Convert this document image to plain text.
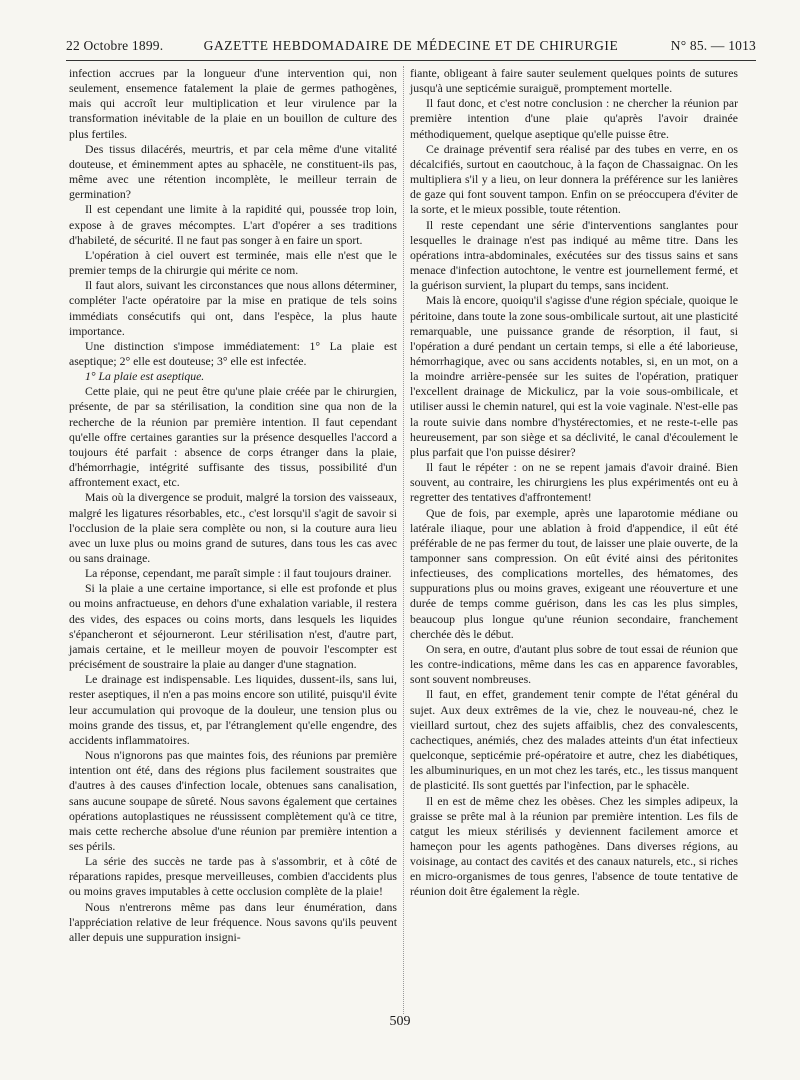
22 Octobre 1899.	GAZETTE HEBDOMADAIRE DE MÉDECINE ET DE CHIRURGIE	N° 85. — 1013

infection accrues par la longueur d'une intervention qui, non seulement, ensemence fatalement la plaie de germes pathogènes, mais qui accroît leur multiplication et leur virulence par la transformation inévitable de la plaie en un bouillon de culture des plus fertiles.

Des tissus dilacérés, meurtris, et par cela même d'une vitalité douteuse, et éminemment aptes au sphacèle, ne constituent-ils pas, même avec une rétention incomplète, le meilleur terrain de germination?

Il est cependant une limite à la rapidité qui, poussée trop loin, expose à de graves mécomptes. L'art d'opérer a ses traditions d'habileté, de sécurité. Il ne faut pas songer à en faire un sport.

L'opération à ciel ouvert est terminée, mais elle n'est que le premier temps de la chirurgie qui mérite ce nom.

Il faut alors, suivant les circonstances que nous allons déterminer, compléter l'acte opératoire par la mise en pratique de tels soins immédiats consécutifs qui ont, dans l'espèce, la plus haute importance.

Une distinction s'impose immédiatement: 1° La plaie est aseptique; 2° elle est douteuse; 3° elle est infectée.

1° La plaie est aseptique.

Cette plaie, qui ne peut être qu'une plaie créée par le chirurgien, présente, de par sa stérilisation, la condition sine qua non de la recherche de la réunion par première intention. Il faut cependant qu'elle offre certaines garanties sur la présence desquelles l'accord a toujours été parfait : absence de corps étranger dans la plaie, d'hémorrhagie, intégrité suffisante des tissus, possibilité d'un affrontement exact, etc.

Mais où la divergence se produit, malgré la torsion des vaisseaux, malgré les ligatures résorbables, etc., c'est lorsqu'il s'agit de savoir si l'occlusion de la plaie sera complète ou non, si la couture aura lieu avec un luxe plus ou moins grand de sutures, dans tous les cas avec ou sans drainage.

La réponse, cependant, me paraît simple : il faut toujours drainer.

Si la plaie a une certaine importance, si elle est profonde et plus ou moins anfractueuse, en dehors d'une exhalation variable, il restera des vides, des espaces ou coins morts, dans lesquels les liquides s'épancheront et séjourneront. Leur stérilisation n'est, d'autre part, jamais certaine, et le meilleur moyen de pouvoir l'escompter est précisément de soustraire la plaie au danger d'une stagnation.

Le drainage est indispensable. Les liquides, dussent-ils, sans lui, rester aseptiques, il n'en a pas moins encore son utilité, puisqu'il évite leur accumulation qui provoque de la douleur, une tension plus ou moins grande des tissus, et, par l'étranglement qu'elle engendre, des accidents inflammatoires.

Nous n'ignorons pas que maintes fois, des réunions par première intention ont été, dans des régions plus facilement soustraites que d'autres à des causes d'infection locale, obtenues sans canalisation, sans aucune soupape de sûreté. Nous savons également que certaines opérations autoplastiques ne réussissent complètement qu'à ce titre, mais cette recherche absolue d'une réunion par première intention a ses périls.

La série des succès ne tarde pas à s'assombrir, et à côté de réparations rapides, presque merveilleuses, combien d'accidents plus ou moins graves imputables à cette occlusion complète de la plaie!

Nous n'entrerons même pas dans leur énumération, dans l'appréciation relative de leur fréquence. Nous savons qu'ils peuvent aller depuis une suppuration insigni-

fiante, obligeant à faire sauter seulement quelques points de sutures jusqu'à une septicémie suraiguë, promptement mortelle.

Il faut donc, et c'est notre conclusion : ne chercher la réunion par première intention d'une plaie qu'après l'avoir drainée méthodiquement, quelque aseptique qu'elle puisse être.

Ce drainage préventif sera réalisé par des tubes en verre, en os décalcifiés, surtout en caoutchouc, à la façon de Chassaignac. On les multipliera s'il y a lieu, on leur donnera la préférence sur les lanières de gaze qui font souvent tampon. Enfin on se préoccupera d'éviter de la sorte, et le mieux possible, toute rétention.

Il reste cependant une série d'interventions sanglantes pour lesquelles le drainage n'est pas indiqué au même titre. Dans les opérations intra-abdominales, exécutées sur des tissus sains et sans menace d'infection autochtone, le ventre est journellement fermé, et la guérison survient, la plupart du temps, sans incident.

Mais là encore, quoiqu'il s'agisse d'une région spéciale, quoique le péritoine, dans toute la zone sous-ombilicale surtout, ait une plasticité remarquable, une puissance grande de résorption, il faut, si l'opération a duré pendant un certain temps, si elle a été laborieuse, hémorrhagique, avec ou sans accidents notables, si, en un mot, on a la moindre arrière-pensée sur les suites de l'opération, pratiquer l'excellent drainage de Mickulicz, par la voie sous-ombilicale, et utiliser aussi le chemin naturel, qui est la voie vaginale. N'est-elle pas la route suivie dans nombre d'hystérectomies, et ne reste-t-elle pas heureusement, par son siège et sa déclivité, le canal d'écoulement le plus parfait que l'on puisse désirer?

Il faut le répéter : on ne se repent jamais d'avoir drainé. Bien souvent, au contraire, les chirurgiens les plus expérimentés ont eu à regretter des tentatives d'affrontement!

Que de fois, par exemple, après une laparotomie médiane ou latérale iliaque, pour une ablation à froid d'appendice, il eût été préférable de ne pas fermer du tout, de laisser une plaie ouverte, de la tamponner sans compression. On eût évité ainsi des péritonites infectieuses, des complications mortelles, des hématomes, des suppurations plus ou moins graves, exigeant une réouverture et une durée de temps comme guérison, dans les cas les plus simples, beaucoup plus longue qu'une réunion secondaire, franchement cherchée dès le début.

On sera, en outre, d'autant plus sobre de tout essai de réunion que les contre-indications, même dans les cas en apparence favorables, sont souvent nombreuses.

Il faut, en effet, grandement tenir compte de l'état général du sujet. Aux deux extrêmes de la vie, chez le nouveau-né, chez le vieillard surtout, chez des sujets affaiblis, chez des convalescents, cachectiques, anémiés, chez des malades atteints d'un état infectieux quelconque, septicémie pré-opératoire et autre, chez les diabétiques, les albuminuriques, en un mot chez les tarés, etc., les tissus manquent de plasticité. Ils sont guettés par l'infection, par le sphacèle.

Il en est de même chez les obèses. Chez les simples adipeux, la graisse se prête mal à la réunion par première intention. Les fils de catgut les mieux stérilisés y deviennent facilement amorce et hameçon pour les agents pathogènes. Dans diverses régions, au voisinage, au contact des cavités et des canaux naturels, etc., si riches en micro-organismes de tous genres, l'absence de toute tentative de réunion doit être également la règle.

509
